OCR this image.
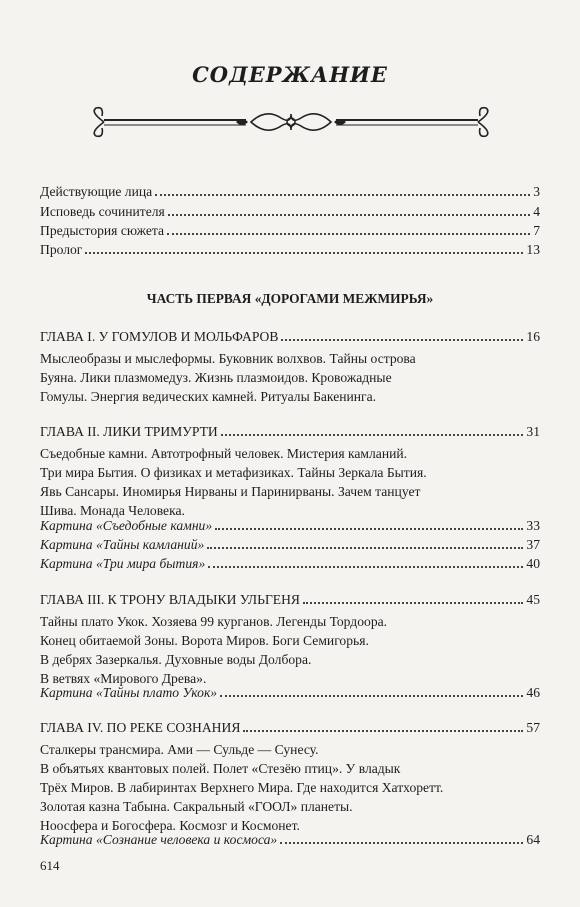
СОДЕРЖАНИЕ
Действующие лица	3
Исповедь сочинителя	4
Предыстория сюжета	7
Пролог	13
ЧАСТЬ ПЕРВАЯ «ДОРОГАМИ МЕЖМИРЬЯ»
ГЛАВА I. У ГОМУЛОВ И МОЛЬФАРОВ	16
Мыслеобразы и мыслеформы. Буковник волхвов. Тайны острова
Буяна. Лики плазмомедуз. Жизнь плазмоидов. Кровожадные
Гомулы. Энергия ведических камней. Ритуалы Бакенинга.
ГЛАВА II. ЛИКИ ТРИМУРТИ	31
Съедобные камни. Автотрофный человек. Мистерия камланий.
Три мира Бытия. О физиках и метафизиках. Тайны Зеркала Бытия.
Явь Сансары. Иномирья Нирваны и Паринирваны. Зачем танцует
Шива. Монада Человека.
Картина «Съедобные камни»	33
Картина «Тайны камланий»	37
Картина «Три мира бытия»	40
ГЛАВА III. К ТРОНУ ВЛАДЫКИ УЛЬГЕНЯ	45
Тайны плато Укок. Хозяева 99 курганов. Легенды Тордоора.
Конец обитаемой Зоны. Ворота Миров. Боги Семигорья.
В дебрях Зазеркалья. Духовные воды Долбора.
В ветвях «Мирового Древа».
Картина «Тайны плато Укок»	46
ГЛАВА IV. ПО РЕКЕ СОЗНАНИЯ	57
Сталкеры трансмира. Ами — Сульде — Сунесу.
В объятьях квантовых полей. Полет «Стезёю птиц». У владык
Трёх Миров. В лабиринтах Верхнего Мира. Где находится Хатхоретт.
Золотая казна Табына. Сакральный «ГООЛ» планеты.
Ноосфера и Богосфера. Космозг и Космонет.
Картина «Сознание человека и космоса»	64
614
